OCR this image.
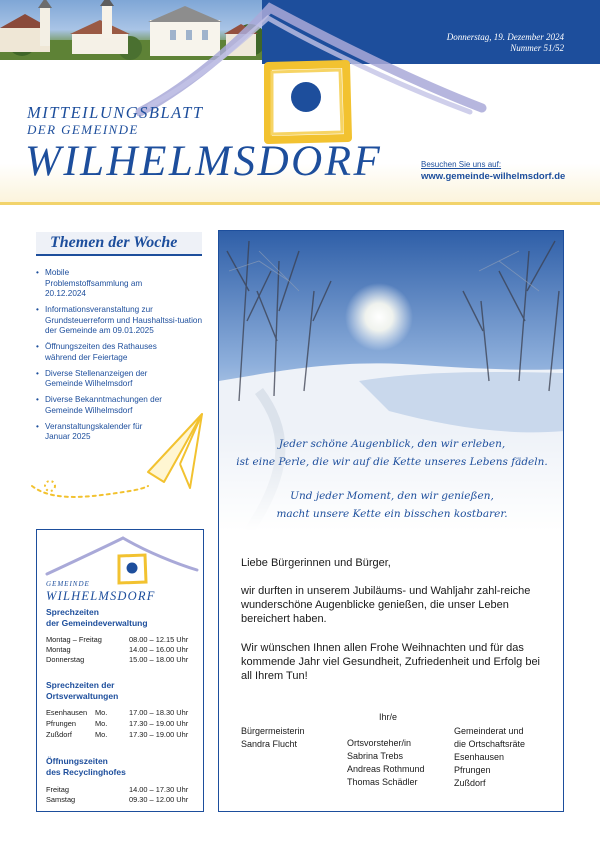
Donnerstag, 19. Dezember 2024
Nummer 51/52
MITTEILUNGSBLATT
DER GEMEINDE
WILHELMSDORF	Besuchen Sie uns auf:
www.gemeinde-wilhelmsdorf.de
Themen der Woche
• Mobile Problemstoffsammlung am 20.12.2024
• Informationsveranstaltung zur Grundsteuerreform und Haushaltssi-tuation der Gemeinde am 09.01.2025
• Öffnungszeiten des Rathauses während der Feiertage
• Diverse Stellenanzeigen der Gemeinde Wilhelmsdorf
• Diverse Bekanntmachungen der Gemeinde Wilhelmsdorf
• Veranstaltungskalender für Januar 2025
GEMEINDE
WILHELMSDORF
Sprechzeiten
der Gemeindeverwaltung
Montag – Freitag	08.00 – 12.15 Uhr
Montag	14.00 – 16.00 Uhr
Donnerstag	15.00 – 18.00 Uhr
Sprechzeiten der
Ortsverwaltungen
Esenhausen Mo.	17.00 – 18.30 Uhr
Pfrungen	Mo.	17.30 – 19.00 Uhr
Zußdorf	Mo.	17.30 – 19.00 Uhr
Öffnungszeiten
des Recyclinghofes
Freitag	14.00 – 17.30 Uhr
Samstag	09.30 – 12.00 Uhr
Jeder schöne Augenblick, den wir erleben,
ist eine Perle, die wir auf die Kette unseres Lebens fädeln.
Und jeder Moment, den wir genießen,
macht unsere Kette ein bisschen kostbarer.
Liebe Bürgerinnen und Bürger,
wir durften in unserem Jubiläums- und Wahljahr zahl-reiche wunderschöne Augenblicke genießen, die unser Leben bereichert haben.
Wir wünschen Ihnen allen Frohe Weihnachten und für das kommende Jahr viel Gesundheit, Zufriedenheit und Erfolg bei all Ihrem Tun!
Ihr/e
Bürgermeisterin
Sandra Flucht	Ortsvorsteher/in
Sabrina Trebs
Andreas Rothmund
Thomas Schädler
Gemeinderat und
die Ortschaftsräte
Esenhausen
Pfrungen
Zußdorf
